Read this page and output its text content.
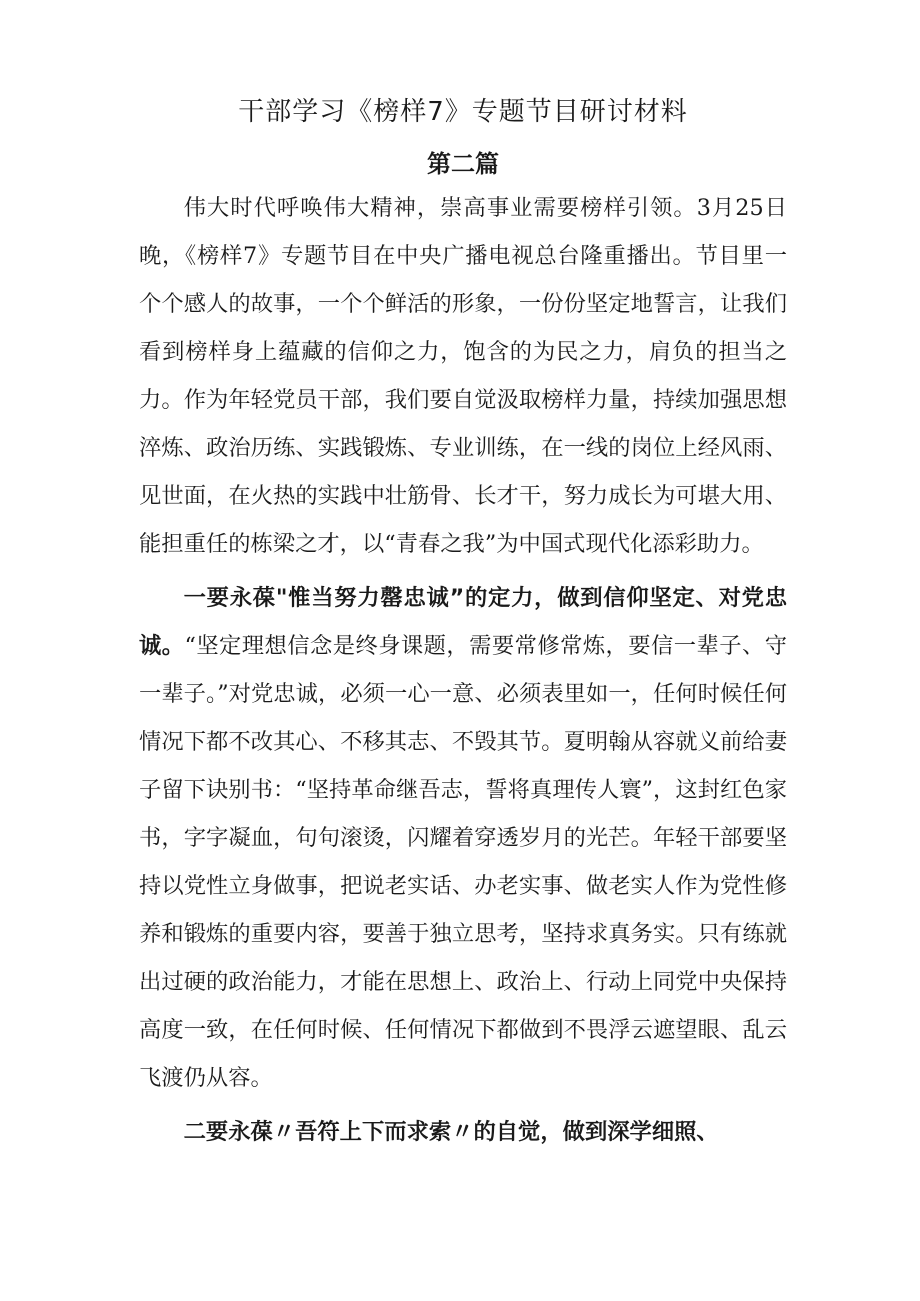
干部学习《榜样7》专题节目研讨材料
第二篇

伟大时代呼唤伟大精神，崇高事业需要榜样引领。3月25日晚，《榜样7》专题节目在中央广播电视总台隆重播出。节目里一个个感人的故事，一个个鲜活的形象，一份份坚定地誓言，让我们看到榜样身上蕴藏的信仰之力，饱含的为民之力，肩负的担当之力。作为年轻党员干部，我们要自觉汲取榜样力量，持续加强思想淬炼、政治历练、实践锻炼、专业训练，在一线的岗位上经风雨、见世面，在火热的实践中壮筋骨、长才干，努力成长为可堪大用、能担重任的栋梁之才，以“青春之我”为中国式现代化添彩助力。

一要永葆"惟当努力罄忠诚”的定力，做到信仰坚定、对党忠诚。“坚定理想信念是终身课题，需要常修常炼，要信一辈子、守一辈子。”对党忠诚，必须一心一意、必须表里如一，任何时候任何情况下都不改其心、不移其志、不毁其节。夏明翰从容就义前给妻子留下诀别书：“坚持革命继吾志，誓将真理传人寰”，这封红色家书，字字凝血，句句滚烫，闪耀着穿透岁月的光芒。年轻干部要坚持以党性立身做事，把说老实话、办老实事、做老实人作为党性修养和锻炼的重要内容，要善于独立思考，坚持求真务实。只有练就出过硬的政治能力，才能在思想上、政治上、行动上同党中央保持高度一致，在任何时候、任何情况下都做到不畏浮云遮望眼、乱云飞渡仍从容。

二要永葆〃吾符上下而求索〃的自觉，做到深学细照、
